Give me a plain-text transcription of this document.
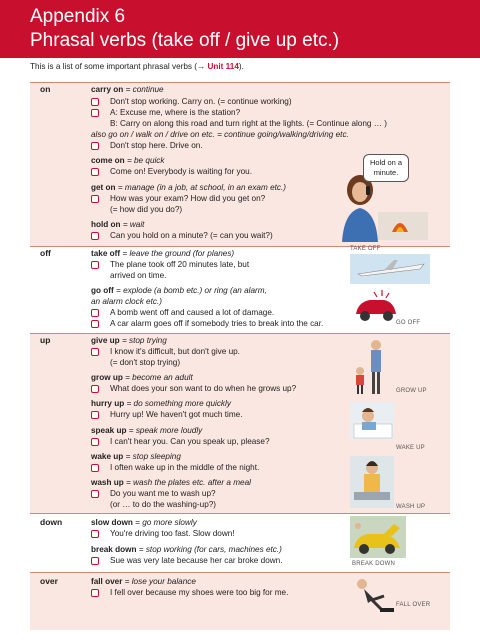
Appendix 6
Phrasal verbs (take off / give up etc.)
This is a list of some important phrasal verbs (→ Unit 114).
on	carry on = continue
Don't stop working. Carry on. (= continue working)
A: Excuse me, where is the station?
B: Carry on along this road and turn right at the lights. (= Continue along … )
also go on / walk on / drive on etc. = continue going/walking/driving etc.
Don't stop here. Drive on.
come on = be quick
Come on! Everybody is waiting for you.
get on = manage (in a job, at school, in an exam etc.)
How was your exam? How did you get on?
(= how did you do?)
hold on = wait
Can you hold on a minute? (= can you wait?)
Hold on a minute.
off	take off = leave the ground (for planes)
The plane took off 20 minutes late, but
arrived on time.
go off = explode (a bomb etc.) or ring (an alarm,
an alarm clock etc.)
A bomb went off and caused a lot of damage.
A car alarm goes off if somebody tries to break into the car.
TAKE OFF
GO OFF
up	give up = stop trying
I know it's difficult, but don't give up.
(= don't stop trying)
grow up = become an adult
What does your son want to do when he grows up?
hurry up = do something more quickly
Hurry up! We haven't got much time.
speak up = speak more loudly
I can't hear you. Can you speak up, please?
wake up = stop sleeping
I often wake up in the middle of the night.
wash up = wash the plates etc. after a meal
Do you want me to wash up?
(or … to do the washing-up?)
GROW UP
WAKE UP
WASH UP
down	slow down = go more slowly
You're driving too fast. Slow down!
break down = stop working (for cars, machines etc.)
Sue was very late because her car broke down.	BREAK DOWN
over	fall over = lose your balance
I fell over because my shoes were too big for me.
FALL OVER
